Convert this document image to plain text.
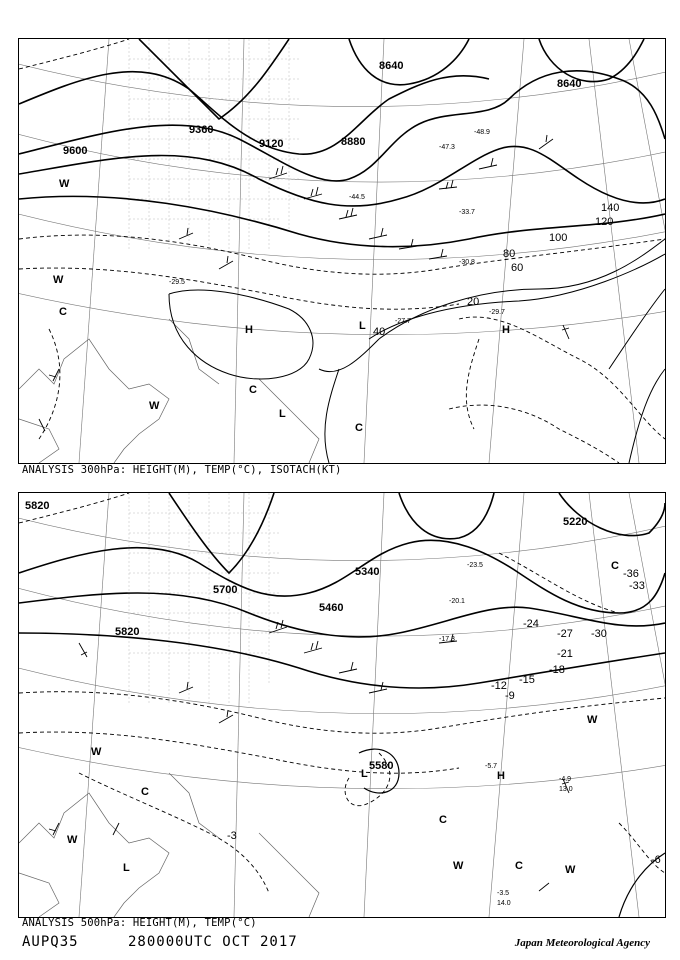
-29.7
-30.8
-33.7
-44.5
-47.3
-48.9
-27.7
-29.5
8640
8640
8880
9120
9360
9600
20
40
60
80
100
120
140
H	H
L
L
C
C
W
W
W
C
ANALYSIS 300hPa: HEIGHT(M), TEMP(°C), ISOTACH(KT)
-5.7
-4.9
-3.5
-17.3
-20.1
-23.5
13.0
14.0
5820
5820
5700
5340
5220
5460
5580
-3
-6
-9
-12 -15
-18
-21
-24
-27 -30
-33
-36
H
L
L
C
C
C
C
W
W
W	W
W
ANALYSIS 500hPa: HEIGHT(M), TEMP(°C)
AUPQ35	280000UTC OCT 2017	Japan Meteorological Agency
